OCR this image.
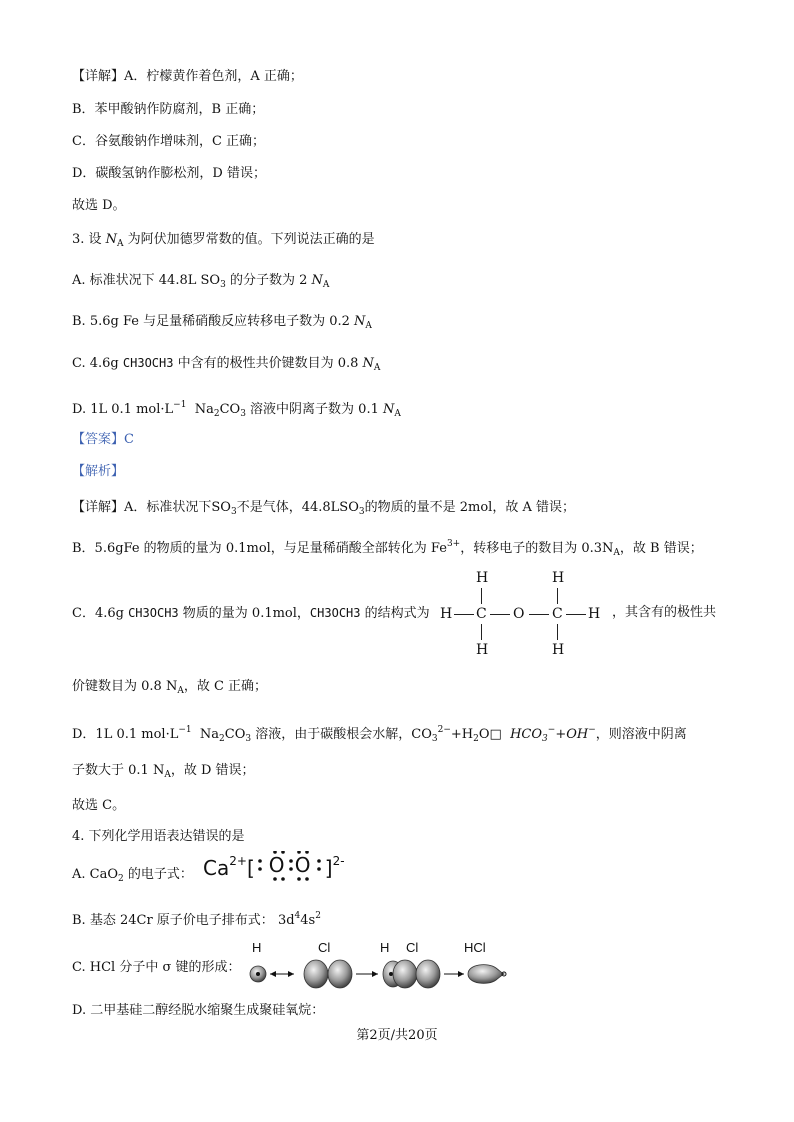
【详解】A．柠檬黄作着色剂，A 正确；
B．苯甲酸钠作防腐剂，B 正确；
C．谷氨酸钠作增味剂，C 正确；
D．碳酸氢钠作膨松剂，D 错误；
故选 D。
3. 设 $N_A$ 为阿伏加德罗常数的值。下列说法正确的是
A. 标准状况下 44.8L $SO_3$ 的分子数为 2 $N_A$
B. 5.6g Fe 与足量稀硝酸反应转移电子数为 0.2 $N_A$
C. 4.6g CH3OCH3 中含有的极性共价键数目为 0.8 $N_A$
D. 1L 0.1 $mol\cdot L^{-1}$ $Na_2CO_3$ 溶液中阴离子数为 0.1 $N_A$
【答案】C
【解析】
【详解】A．标准状况下$SO_3$不是气体，$44.8LSO_3$的物质的量不是 2mol，故 A 错误；
B．5.6gFe 的物质的量为 0.1mol，与足量稀硝酸全部转化为 $Fe^{3+}$，转移电子的数目为 $0.3N_A$，故 B 错误；
C．4.6g CH3OCH3 物质的量为 0.1mol，CH3OCH3 的结构式为	，其含有的极性共
H	H
H C O C H
H	H
价键数目为 0.8 $N_A$，故 C 正确；
D．1L 0.1 $mol\cdot L^{-1}$ $Na_2CO_3$ 溶液，由于碳酸根会水解，$CO_3^{2-}+H_2O□$ $HCO_3^-+OH^-$，则溶液中阴离
子数大于 0.1 $N_A$，故 D 错误；
故选 C。
4. 下列化学用语表达错误的是
A. CaO$_2$ 的电子式： $Ca^{2+}$[ O O ]$^{2-}$
B. 基态 24Cr 原子价电子排布式： $3d^44s^2$
C. HCl 分子中 σ 键的形成：
H	Cl	H Cl	HCl
D. 二甲基硅二醇经脱水缩聚生成聚硅氧烷：
第2页/共20页
